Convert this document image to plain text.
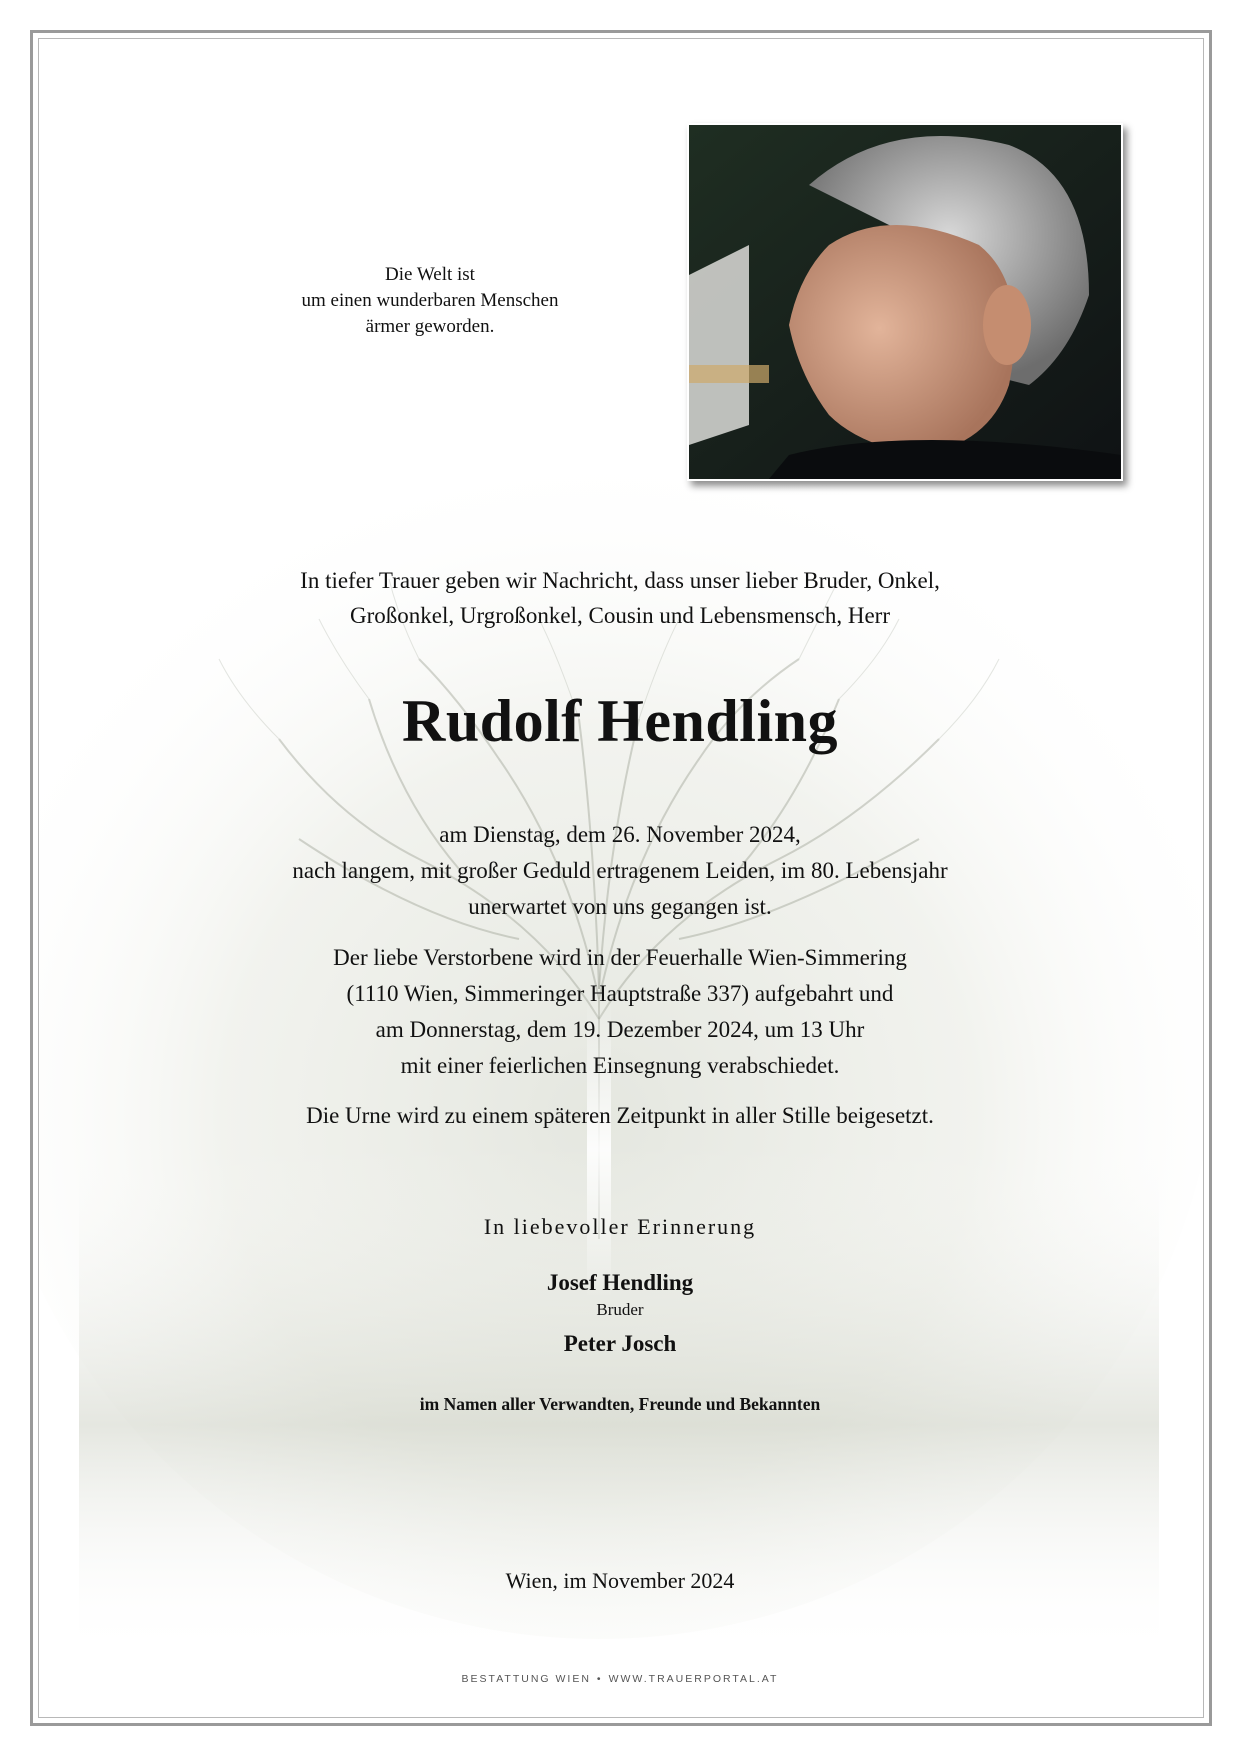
Die Welt ist
um einen wunderbaren Menschen
ärmer geworden.
In tiefer Trauer geben wir Nachricht, dass unser lieber Bruder, Onkel,
Großonkel, Urgroßonkel, Cousin und Lebensmensch, Herr
Rudolf Hendling
am Dienstag, dem 26. November 2024,
nach langem, mit großer Geduld ertragenem Leiden, im 80. Lebensjahr
unerwartet von uns gegangen ist.
Der liebe Verstorbene wird in der Feuerhalle Wien-Simmering
(1110 Wien, Simmeringer Hauptstraße 337) aufgebahrt und
am Donnerstag, dem 19. Dezember 2024, um 13 Uhr
mit einer feierlichen Einsegnung verabschiedet.
Die Urne wird zu einem späteren Zeitpunkt in aller Stille beigesetzt.
In liebevoller Erinnerung
Josef Hendling
Bruder
Peter Josch
im Namen aller Verwandten, Freunde und Bekannten
Wien, im November 2024
BESTATTUNG WIEN • WWW.TRAUERPORTAL.AT
